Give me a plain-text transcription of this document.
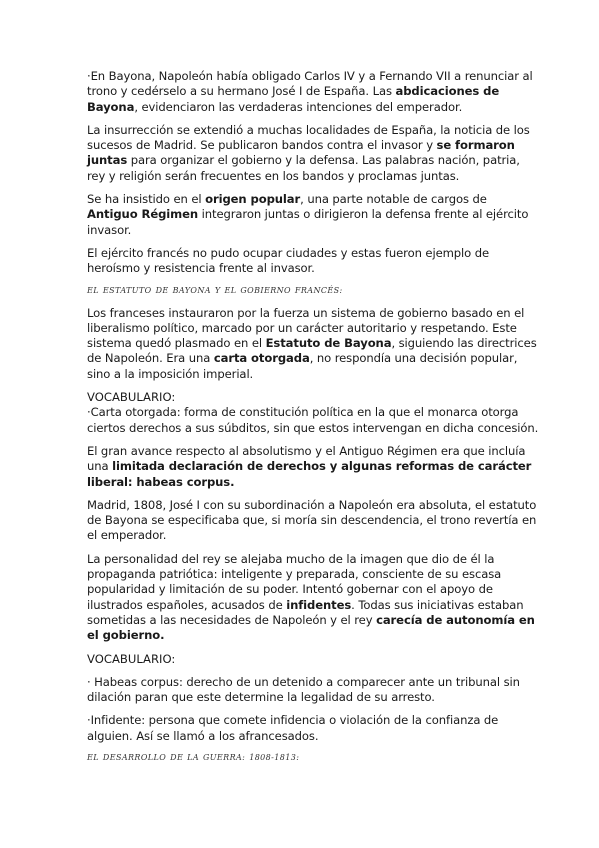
·En Bayona, Napoleón había obligado Carlos IV y a Fernando VII a renunciar al trono y cedérselo a su hermano José I de España. Las abdicaciones de Bayona, evidenciaron las verdaderas intenciones del emperador.

La insurrección se extendió a muchas localidades de España, la noticia de los sucesos de Madrid. Se publicaron bandos contra el invasor y se formaron juntas para organizar el gobierno y la defensa. Las palabras nación, patria, rey y religión serán frecuentes en los bandos y proclamas juntas.

Se ha insistido en el origen popular, una parte notable de cargos de Antiguo Régimen integraron juntas o dirigieron la defensa frente al ejército invasor.

El ejército francés no pudo ocupar ciudades y estas fueron ejemplo de heroísmo y resistencia frente al invasor.

EL ESTATUTO DE BAYONA Y EL GOBIERNO FRANCÉS:

Los franceses instauraron por la fuerza un sistema de gobierno basado en el liberalismo político, marcado por un carácter autoritario y respetando. Este sistema quedó plasmado en el Estatuto de Bayona, siguiendo las directrices de Napoleón. Era una carta otorgada, no respondía una decisión popular, sino a la imposición imperial.

VOCABULARIO:

·Carta otorgada: forma de constitución política en la que el monarca otorga ciertos derechos a sus súbditos, sin que estos intervengan en dicha concesión.

El gran avance respecto al absolutismo y el Antiguo Régimen era que incluía una limitada declaración de derechos y algunas reformas de carácter liberal: habeas corpus.

Madrid, 1808, José I con su subordinación a Napoleón era absoluta, el estatuto de Bayona se especificaba que, si moría sin descendencia, el trono revertía en el emperador.

La personalidad del rey se alejaba mucho de la imagen que dio de él la propaganda patriótica: inteligente y preparada, consciente de su escasa popularidad y limitación de su poder. Intentó gobernar con el apoyo de ilustrados españoles, acusados de infidentes. Todas sus iniciativas estaban sometidas a las necesidades de Napoleón y el rey carecía de autonomía en el gobierno.

VOCABULARIO:

· Habeas corpus: derecho de un detenido a comparecer ante un tribunal sin dilación paran que este determine la legalidad de su arresto.

·Infidente: persona que comete infidencia o violación de la confianza de alguien. Así se llamó a los afrancesados.

EL DESARROLLO DE LA GUERRA: 1808-1813:
